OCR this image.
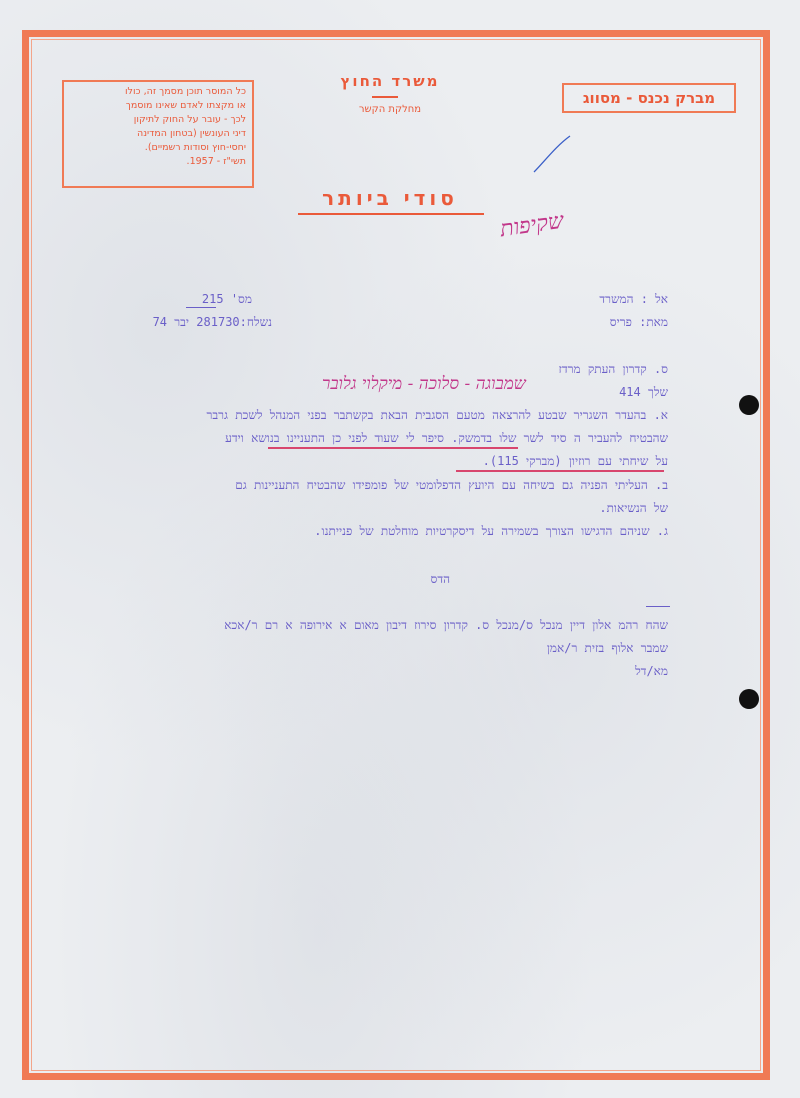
כל המוסר תוכן מסמך זה, כולו
או מקצתו לאדם שאינו מוסמך
לכך - עובר על החוק לתיקון
דיני העונשין (בטחון המדינה
יחסי-חוץ וסודות רשמיים).
תשי"ז - 1957.
משרד החוץ
מחלקת הקשר
מברק נכנס - מסווג
סודי ביותר
שקיפות
אל : המשרד
מאת: פריס
מס' 215
נשלח:281730 יבר 74
ס. קדרון העתק מרדז
שלך 414
שמבוגה - סלוכה - מיקלוי גלובר
א. בהעדר השגריר שבטע להרצאה מטעם הסגבית הבאת בקשתבר בפני המנהל לשכת גרבר
שהבטיח להעביר ה סיד לשר שלו בדמשק. סיפר לי שעוד לפני כן התעניינו בנושא וידע
על שיחתי עם רוזיון (מברקי 115).
ב. העליתי הפניה גם בשיחה עם היועץ הדפלומטי של פומפידו שהבטיח התעניינות גם
של הנשיאות.
ג. שניהם הדגישו הצורך בשמירה על דיסקרטיות מוחלטת של פנייתנו.
הדס
שהח רהמ אלון דיין מנכל ס/מנכל ס. קדרון סירוז דיבון מאום א אירופה א רם ר/אכא
שמבר אלוף בזית ר/אמן
מא/דל
